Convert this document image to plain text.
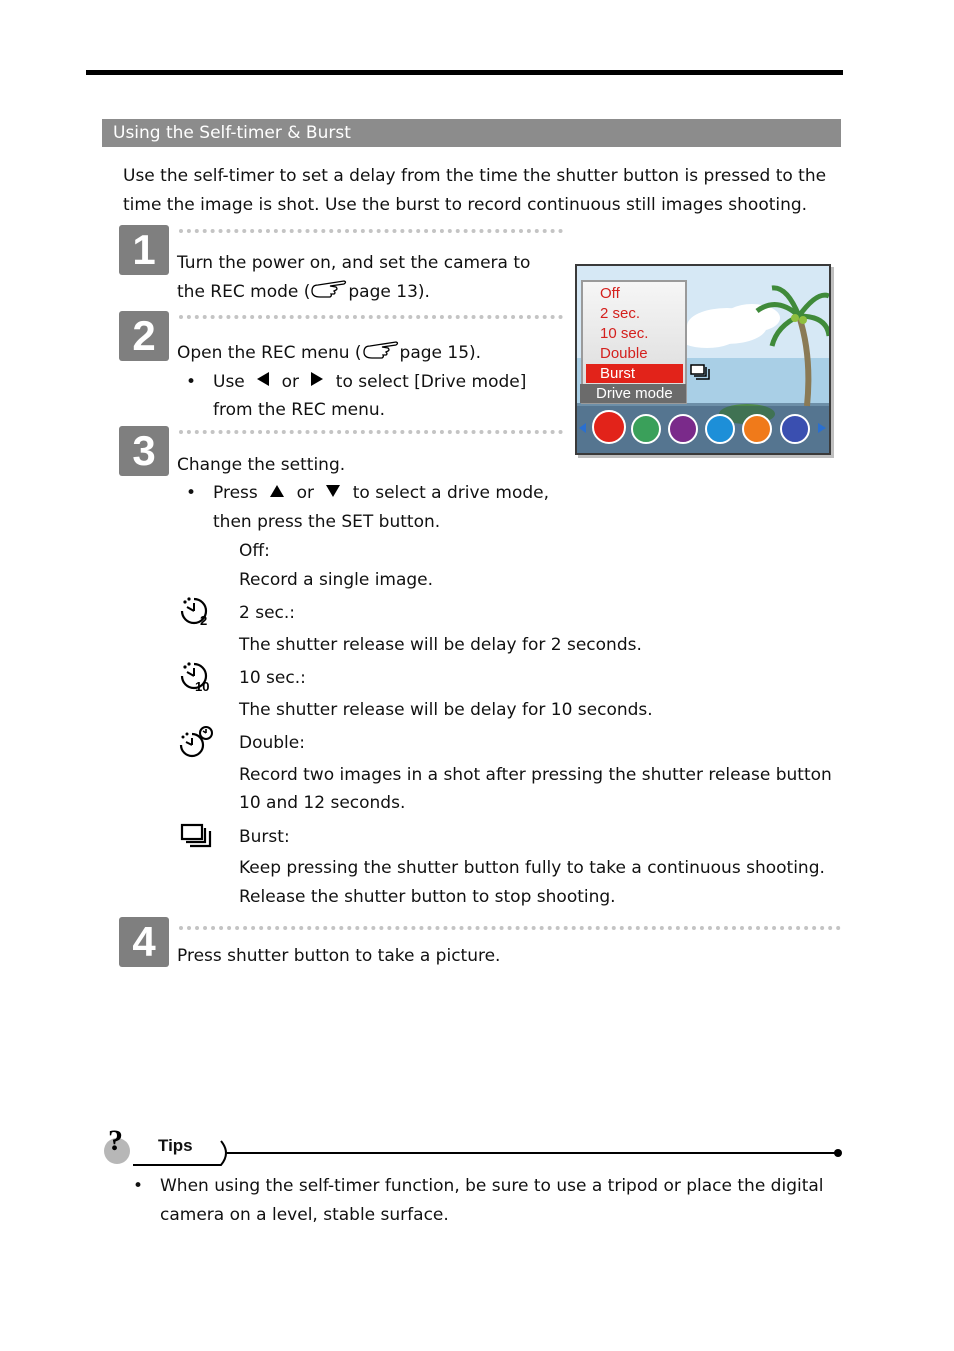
Using the Self-timer & Burst
Use the self-timer to set a delay from the time the shutter button is pressed to the
time the image is shot. Use the burst to record continuous still images shooting.
1	Turn the power on, and set the camera to
the REC mode ( page 13).
2	Open the REC menu ( page 15).
• Use or to select [Drive mode]
from the REC menu.
3	Change the setting.
• Press or to select a drive mode,
then press the SET button.
Off:
Record a single image.
2 2 sec.:
The shutter release will be delay for 2 seconds.
10 10 sec.:
The shutter release will be delay for 10 seconds.
Double:
Record two images in a shot after pressing the shutter release button
10 and 12 seconds.
Burst:
Keep pressing the shutter button fully to take a continuous shooting.
Release the shutter button to stop shooting.
4	Press shutter button to take a picture.
Off
2 sec.
10 sec.
Double
Burst
Drive mode
? Tips
• When using the self-timer function, be sure to use a tripod or place the digital
camera on a level, stable surface.
